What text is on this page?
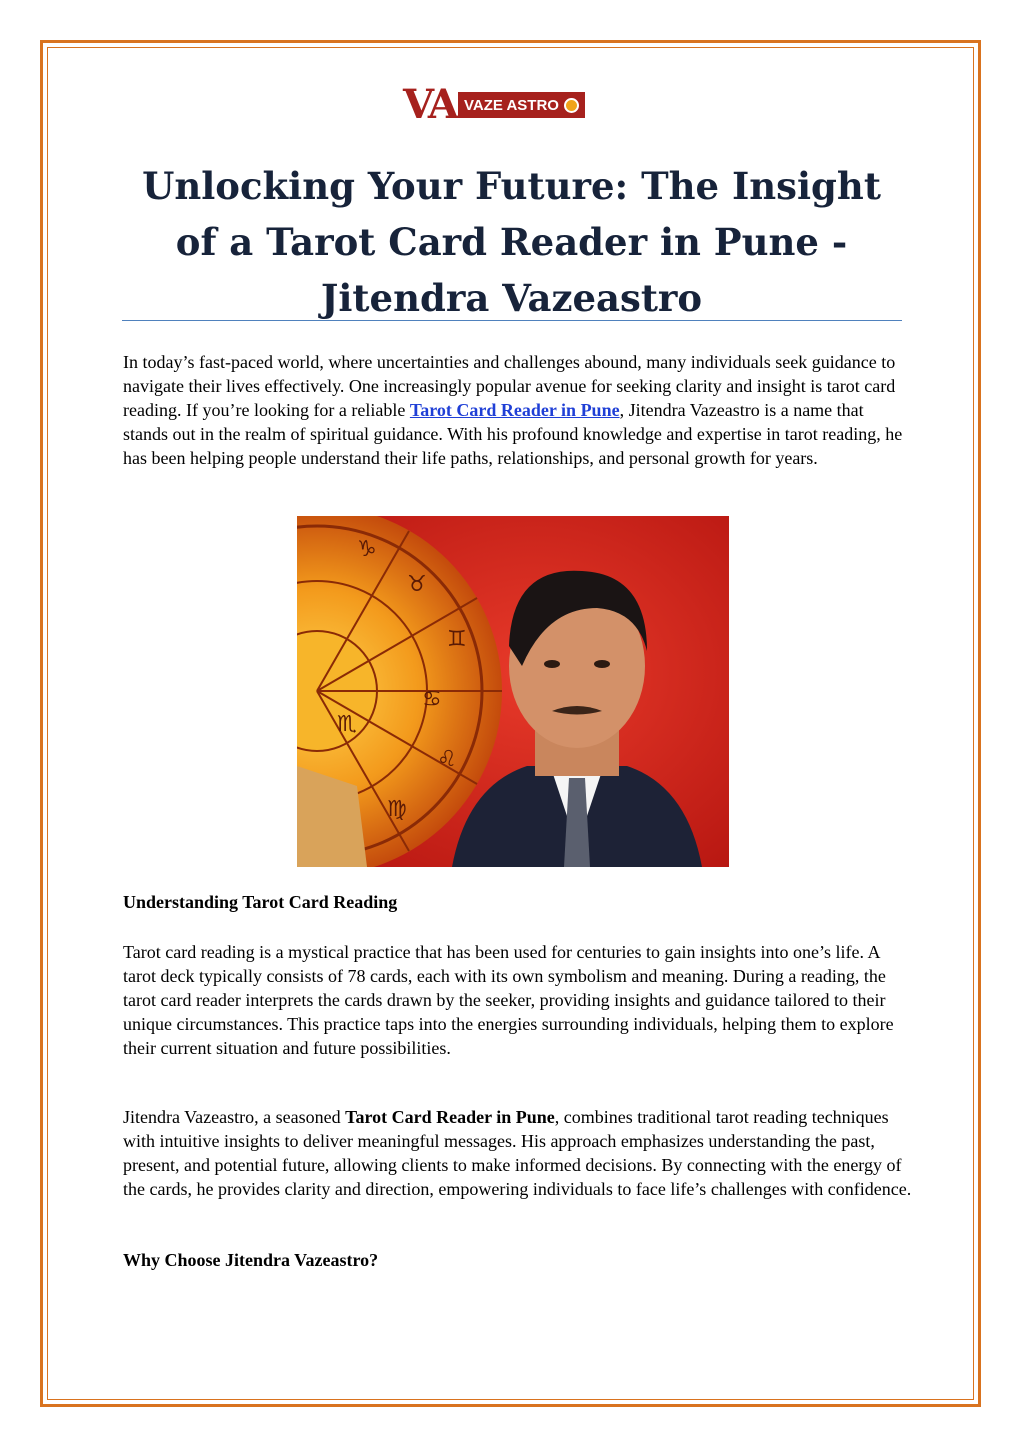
VA VAZE ASTRO
Unlocking Your Future: The Insight of a Tarot Card Reader in Pune - Jitendra Vazeastro

In today’s fast-paced world, where uncertainties and challenges abound, many individuals seek guidance to navigate their lives effectively. One increasingly popular avenue for seeking clarity and insight is tarot card reading. If you’re looking for a reliable Tarot Card Reader in Pune, Jitendra Vazeastro is a name that stands out in the realm of spiritual guidance. With his profound knowledge and expertise in tarot reading, he has been helping people understand their life paths, relationships, and personal growth for years.

♑
♉
♊
♋
♌
♍
♏
Understanding Tarot Card Reading

Tarot card reading is a mystical practice that has been used for centuries to gain insights into one’s life. A tarot deck typically consists of 78 cards, each with its own symbolism and meaning. During a reading, the tarot card reader interprets the cards drawn by the seeker, providing insights and guidance tailored to their unique circumstances. This practice taps into the energies surrounding individuals, helping them to explore their current situation and future possibilities.

Jitendra Vazeastro, a seasoned Tarot Card Reader in Pune, combines traditional tarot reading techniques with intuitive insights to deliver meaningful messages. His approach emphasizes understanding the past, present, and potential future, allowing clients to make informed decisions. By connecting with the energy of the cards, he provides clarity and direction, empowering individuals to face life’s challenges with confidence.

Why Choose Jitendra Vazeastro?
